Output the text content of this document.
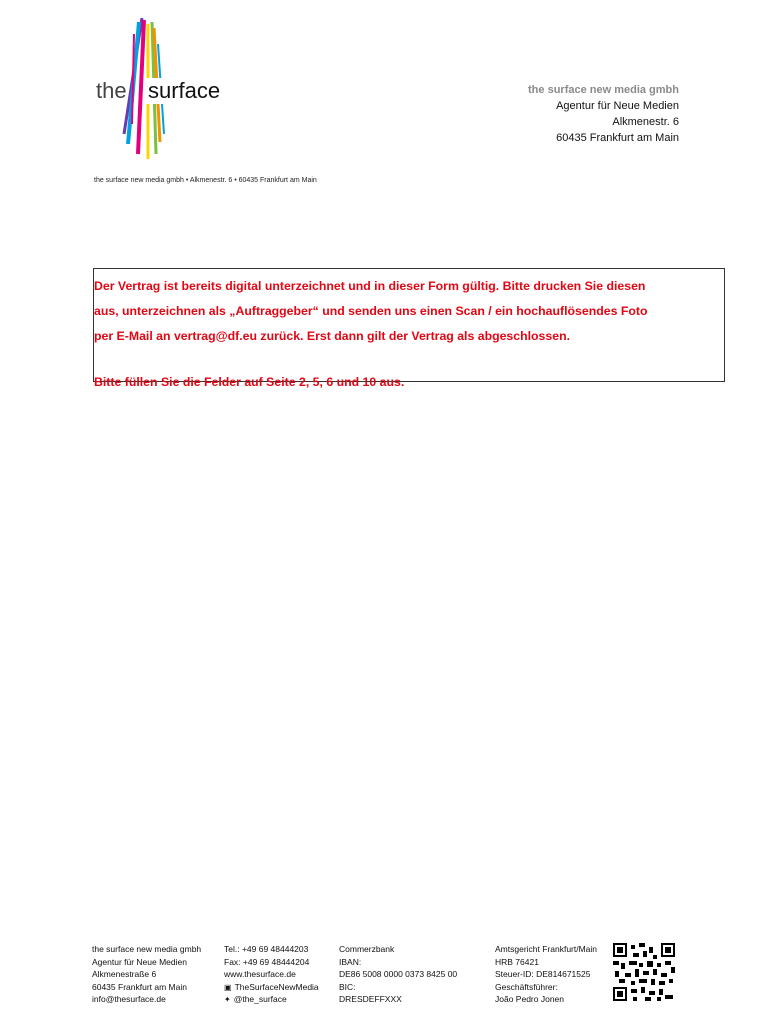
the surface	the surface new media gmbh
Agentur für Neue Medien
Alkmenestr. 6
60435 Frankfurt am Main
the surface new media gmbh • Alkmenestr. 6 • 60435 Frankfurt am Main

Der Vertrag ist bereits digital unterzeichnet und in dieser Form gültig. Bitte drucken Sie diesen

aus, unterzeichnen als „Auftraggeber“ und senden uns einen Scan / ein hochauflösendes Foto

per E-Mail an vertrag@df.eu zurück. Erst dann gilt der Vertrag als abgeschlossen.

Bitte füllen Sie die Felder auf Seite 2, 5, 6 und 10 aus.

the surface new media gmbh
Agentur für Neue Medien
Alkmenestraße 6
60435 Frankfurt am Main
info@thesurface.de
Tel.: +49 69 48444203
Fax: +49 69 48444204
www.thesurface.de
▣ TheSurfaceNewMedia
✦ @the_surface
Commerzbank
IBAN:
DE86 5008 0000 0373 8425 00
BIC:
DRESDEFFXXX
Amtsgericht Frankfurt/Main
HRB 76421
Steuer-ID: DE814671525
Geschäftsführer:
João Pedro Jonen
